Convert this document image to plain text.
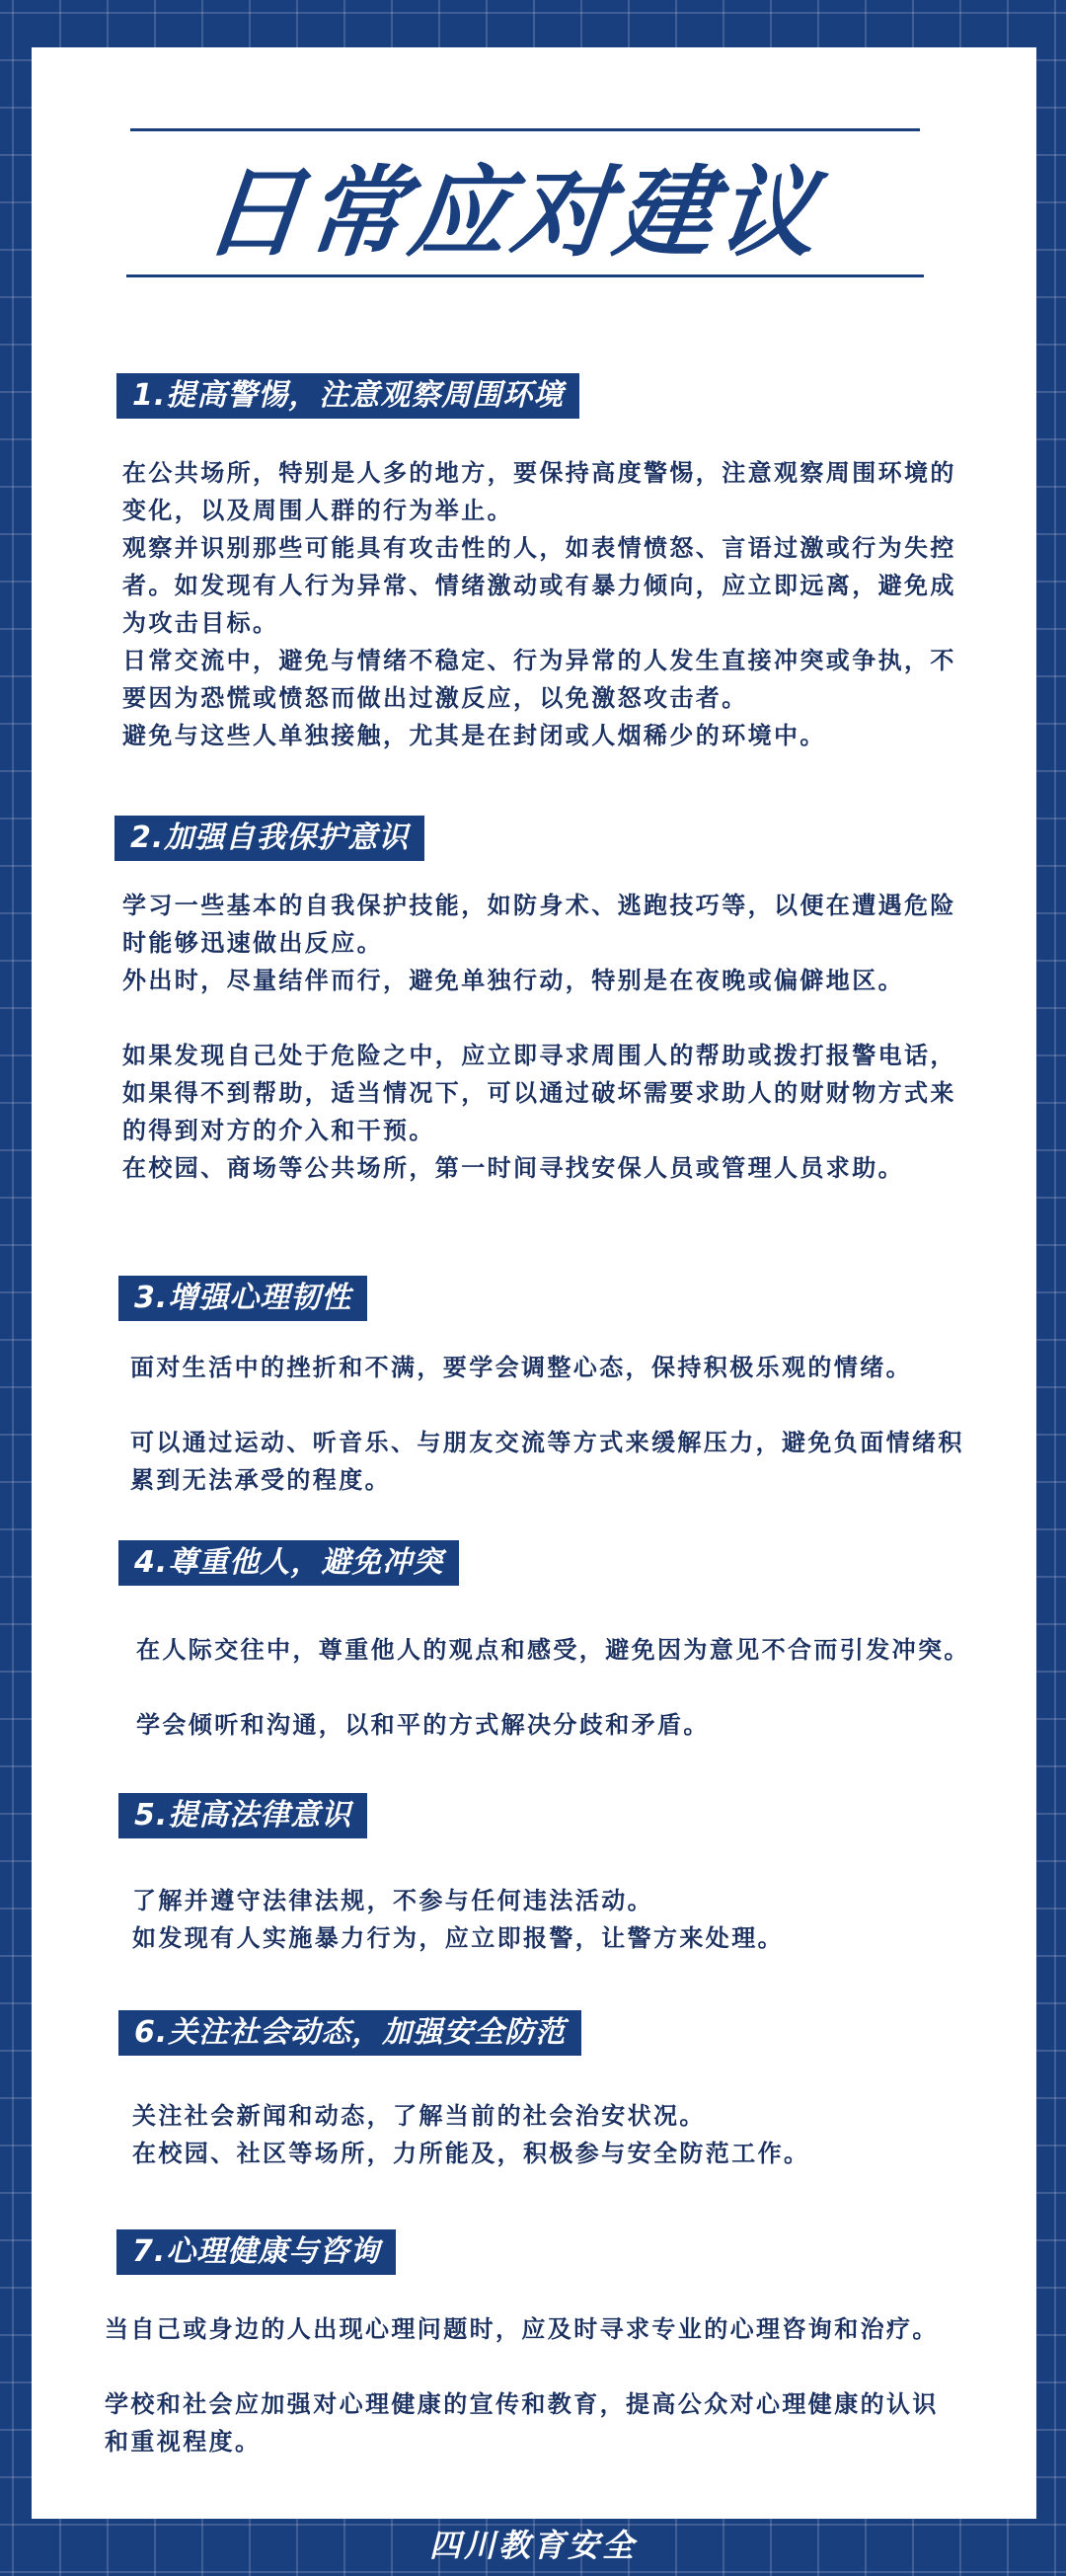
日常应对建议
1.提高警惕，注意观察周围环境

在公共场所，特别是人多的地方，要保持高度警惕，注意观察周围环境的变化，以及周围人群的行为举止。

观察并识别那些可能具有攻击性的人，如表情愤怒、言语过激或行为失控者。如发现有人行为异常、情绪激动或有暴力倾向，应立即远离，避免成为攻击目标。

日常交流中，避免与情绪不稳定、行为异常的人发生直接冲突或争执，不要因为恐慌或愤怒而做出过激反应，以免激怒攻击者。

避免与这些人单独接触，尤其是在封闭或人烟稀少的环境中。

2.加强自我保护意识

学习一些基本的自我保护技能，如防身术、逃跑技巧等，以便在遭遇危险时能够迅速做出反应。

外出时，尽量结伴而行，避免单独行动，特别是在夜晚或偏僻地区。

如果发现自己处于危险之中，应立即寻求周围人的帮助或拨打报警电话，如果得不到帮助，适当情况下，可以通过破坏需要求助人的财财物方式来的得到对方的介入和干预。

在校园、商场等公共场所，第一时间寻找安保人员或管理人员求助。

3.增强心理韧性

面对生活中的挫折和不满，要学会调整心态，保持积极乐观的情绪。

可以通过运动、听音乐、与朋友交流等方式来缓解压力，避免负面情绪积累到无法承受的程度。

4.尊重他人，避免冲突

在人际交往中，尊重他人的观点和感受，避免因为意见不合而引发冲突。

学会倾听和沟通，以和平的方式解决分歧和矛盾。

5.提高法律意识

了解并遵守法律法规，不参与任何违法活动。

如发现有人实施暴力行为，应立即报警，让警方来处理。

6.关注社会动态，加强安全防范

关注社会新闻和动态，了解当前的社会治安状况。

在校园、社区等场所，力所能及，积极参与安全防范工作。

7.心理健康与咨询

当自己或身边的人出现心理问题时，应及时寻求专业的心理咨询和治疗。

学校和社会应加强对心理健康的宣传和教育，提高公众对心理健康的认识和重视程度。

四川教育安全
